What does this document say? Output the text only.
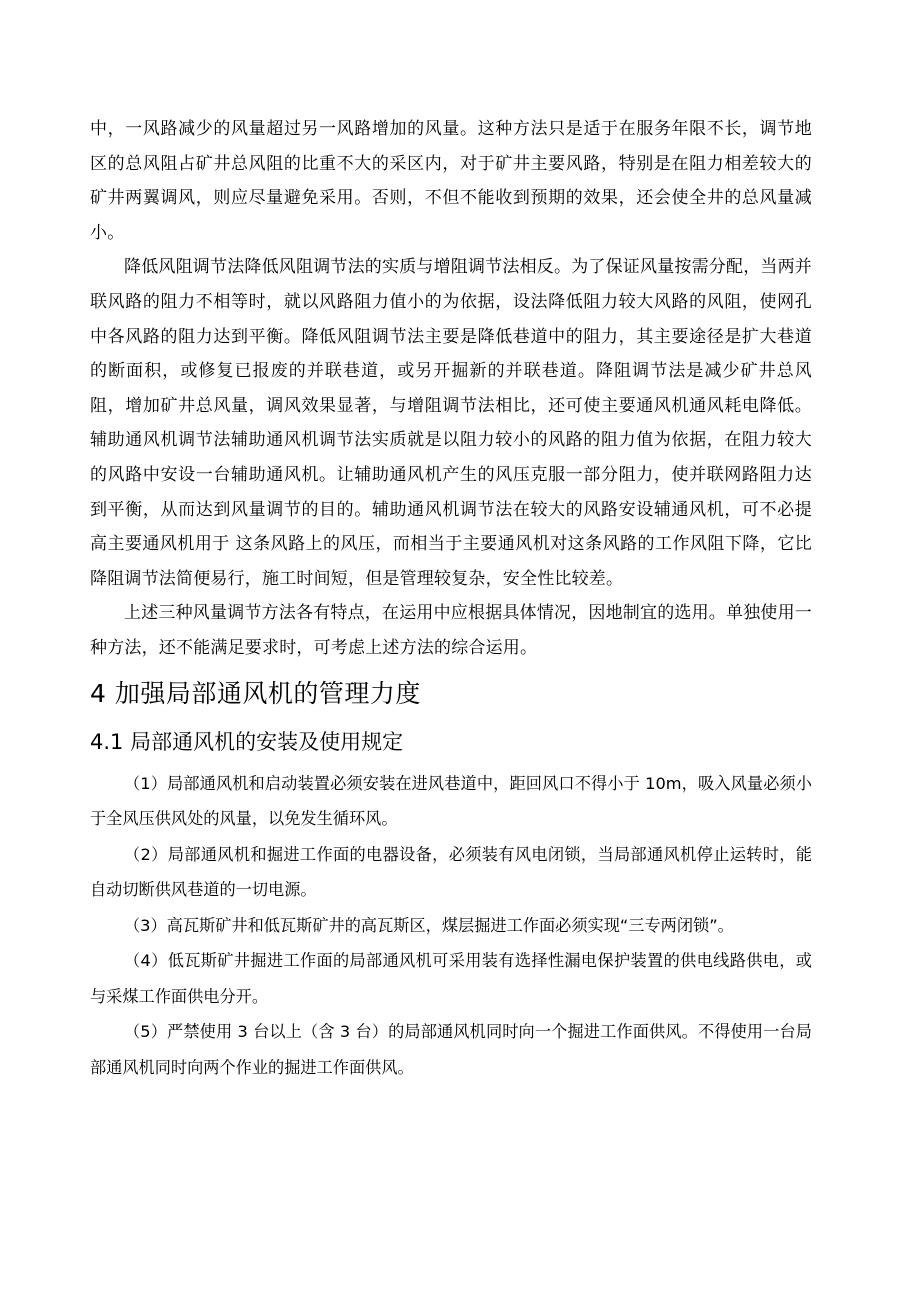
中，一风路减少的风量超过另一风路增加的风量。这种方法只是适于在服务年限不长，调节地区的总风阻占矿井总风阻的比重不大的采区内，对于矿井主要风路，特别是在阻力相差较大的矿井两翼调风，则应尽量避免采用。否则，不但不能收到预期的效果，还会使全井的总风量减小。

降低风阻调节法降低风阻调节法的实质与增阻调节法相反。为了保证风量按需分配，当两并联风路的阻力不相等时，就以风路阻力值小的为依据，设法降低阻力较大风路的风阻，使网孔中各风路的阻力达到平衡。降低风阻调节法主要是降低巷道中的阻力，其主要途径是扩大巷道的断面积，或修复已报废的并联巷道，或另开掘新的并联巷道。降阻调节法是减少矿井总风阻，增加矿井总风量，调风效果显著，与增阻调节法相比，还可使主要通风机通风耗电降低。辅助通风机调节法辅助通风机调节法实质就是以阻力较小的风路的阻力值为依据，在阻力较大的风路中安设一台辅助通风机。让辅助通风机产生的风压克服一部分阻力，使并联网路阻力达到平衡，从而达到风量调节的目的。辅助通风机调节法在较大的风路安设辅通风机，可不必提高主要通风机用于 这条风路上的风压，而相当于主要通风机对这条风路的工作风阻下降，它比降阻调节法简便易行，施工时间短，但是管理较复杂，安全性比较差。

上述三种风量调节方法各有特点，在运用中应根据具体情况，因地制宜的选用。单独使用一种方法，还不能满足要求时，可考虑上述方法的综合运用。

4 加强局部通风机的管理力度
4.1 局部通风机的安装及使用规定

（1）局部通风机和启动装置必须安装在进风巷道中，距回风口不得小于 10m，吸入风量必须小于全风压供风处的风量，以免发生循环风。

（2）局部通风机和掘进工作面的电器设备，必须装有风电闭锁，当局部通风机停止运转时，能自动切断供风巷道的一切电源。

（3）高瓦斯矿井和低瓦斯矿井的高瓦斯区，煤层掘进工作面必须实现“三专两闭锁”。

（4）低瓦斯矿井掘进工作面的局部通风机可采用装有选择性漏电保护装置的供电线路供电，或与采煤工作面供电分开。

（5）严禁使用 3 台以上（含 3 台）的局部通风机同时向一个掘进工作面供风。不得使用一台局部通风机同时向两个作业的掘进工作面供风。
